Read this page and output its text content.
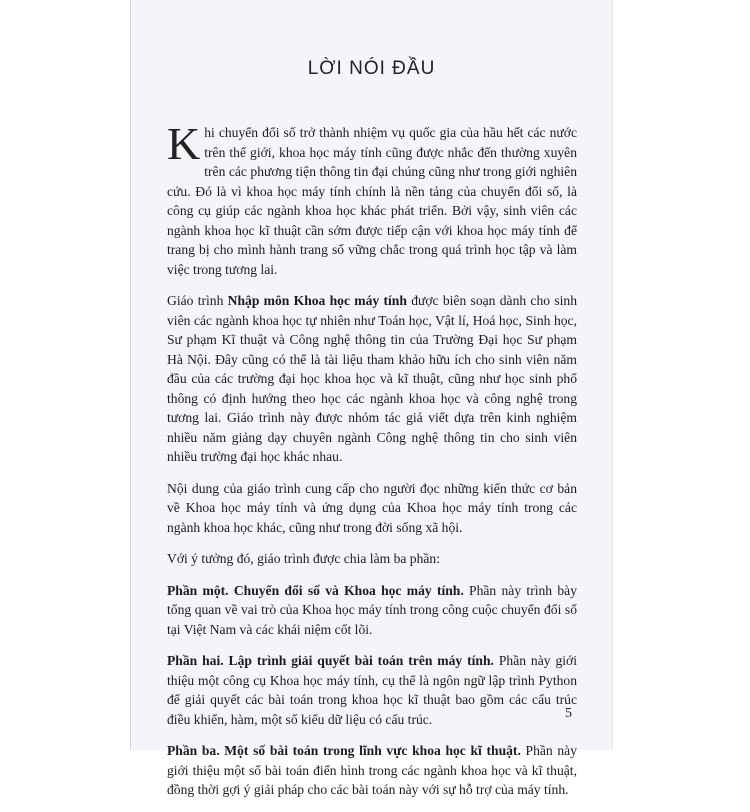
LỜI NÓI ĐẦU

Khi chuyển đổi số trở thành nhiệm vụ quốc gia của hầu hết các nước trên thế giới, khoa học máy tính cũng được nhắc đến thường xuyên trên các phương tiện thông tin đại chúng cũng như trong giới nghiên cứu. Đó là vì khoa học máy tính chính là nền tảng của chuyển đổi số, là công cụ giúp các ngành khoa học khác phát triển. Bởi vậy, sinh viên các ngành khoa học kĩ thuật cần sớm được tiếp cận với khoa học máy tính để trang bị cho mình hành trang số vững chắc trong quá trình học tập và làm việc trong tương lai.

Giáo trình Nhập môn Khoa học máy tính được biên soạn dành cho sinh viên các ngành khoa học tự nhiên như Toán học, Vật lí, Hoá học, Sinh học, Sư phạm Kĩ thuật và Công nghệ thông tin của Trường Đại học Sư phạm Hà Nội. Đây cũng có thể là tài liệu tham khảo hữu ích cho sinh viên năm đầu của các trường đại học khoa học và kĩ thuật, cũng như học sinh phổ thông có định hướng theo học các ngành khoa học và công nghệ trong tương lai. Giáo trình này được nhóm tác giả viết dựa trên kinh nghiệm nhiều năm giảng dạy chuyên ngành Công nghệ thông tin cho sinh viên nhiều trường đại học khác nhau.

Nội dung của giáo trình cung cấp cho người đọc những kiến thức cơ bản về Khoa học máy tính và ứng dụng của Khoa học máy tính trong các ngành khoa học khác, cũng như trong đời sống xã hội.

Với ý tưởng đó, giáo trình được chia làm ba phần:

Phần một. Chuyển đổi số và Khoa học máy tính. Phần này trình bày tổng quan về vai trò của Khoa học máy tính trong công cuộc chuyển đổi số tại Việt Nam và các khái niệm cốt lõi.

Phần hai. Lập trình giải quyết bài toán trên máy tính. Phần này giới thiệu một công cụ Khoa học máy tính, cụ thể là ngôn ngữ lập trình Python để giải quyết các bài toán trong khoa học kĩ thuật bao gồm các cấu trúc điều khiển, hàm, một số kiểu dữ liệu có cấu trúc.

Phần ba. Một số bài toán trong lĩnh vực khoa học kĩ thuật. Phần này giới thiệu một số bài toán điển hình trong các ngành khoa học và kĩ thuật, đồng thời gợi ý giải pháp cho các bài toán này với sự hỗ trợ của máy tính.

5
